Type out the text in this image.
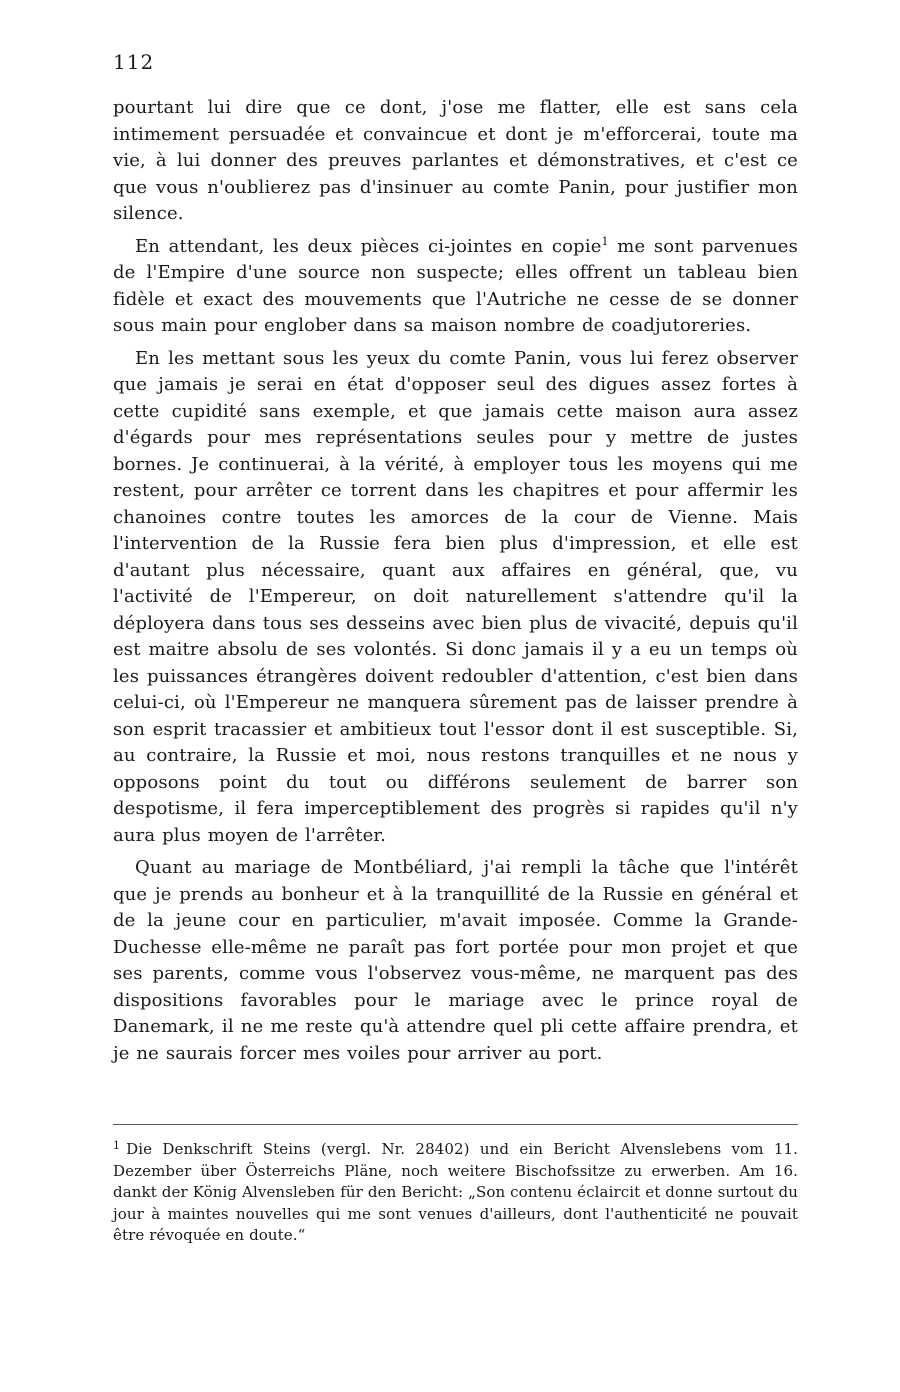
112

pourtant lui dire que ce dont, j'ose me flatter, elle est sans cela intimement persuadée et convaincue et dont je m'efforcerai, toute ma vie, à lui donner des preuves parlantes et démonstratives, et c'est ce que vous n'oublierez pas d'insinuer au comte Panin, pour justifier mon silence.

En attendant, les deux pièces ci-jointes en copie$^1$ me sont parvenues de l'Empire d'une source non suspecte; elles offrent un tableau bien fidèle et exact des mouvements que l'Autriche ne cesse de se donner sous main pour englober dans sa maison nombre de coadjutoreries.

En les mettant sous les yeux du comte Panin, vous lui ferez observer que jamais je serai en état d'opposer seul des digues assez fortes à cette cupidité sans exemple, et que jamais cette maison aura assez d'égards pour mes représentations seules pour y mettre de justes bornes. Je continuerai, à la vérité, à employer tous les moyens qui me restent, pour arrêter ce torrent dans les chapitres et pour affermir les chanoines contre toutes les amorces de la cour de Vienne. Mais l'intervention de la Russie fera bien plus d'impression, et elle est d'autant plus nécessaire, quant aux affaires en général, que, vu l'activité de l'Empereur, on doit naturellement s'attendre qu'il la déployera dans tous ses desseins avec bien plus de vivacité, depuis qu'il est maitre absolu de ses volontés. Si donc jamais il y a eu un temps où les puissances étrangères doivent redoubler d'attention, c'est bien dans celui-ci, où l'Empereur ne manquera sûrement pas de laisser prendre à son esprit tracassier et ambitieux tout l'essor dont il est susceptible. Si, au contraire, la Russie et moi, nous restons tranquilles et ne nous y opposons point du tout ou différons seulement de barrer son despotisme, il fera imperceptiblement des progrès si rapides qu'il n'y aura plus moyen de l'arrêter.

Quant au mariage de Montbéliard, j'ai rempli la tâche que l'intérêt que je prends au bonheur et à la tranquillité de la Russie en général et de la jeune cour en particulier, m'avait imposée. Comme la Grande-Duchesse elle-même ne paraît pas fort portée pour mon projet et que ses parents, comme vous l'observez vous-même, ne marquent pas des dispositions favorables pour le mariage avec le prince royal de Danemark, il ne me reste qu'à attendre quel pli cette affaire prendra, et je ne saurais forcer mes voiles pour arriver au port.

$^1$ Die Denkschrift Steins (vergl. Nr. 28402) und ein Bericht Alvenslebens vom 11. Dezember über Österreichs Pläne, noch weitere Bischofssitze zu erwerben. Am 16. dankt der König Alvensleben für den Bericht: „Son contenu éclaircit et donne surtout du jour à maintes nouvelles qui me sont venues d'ailleurs, dont l'authenticité ne pouvait être révoquée en doute.“
